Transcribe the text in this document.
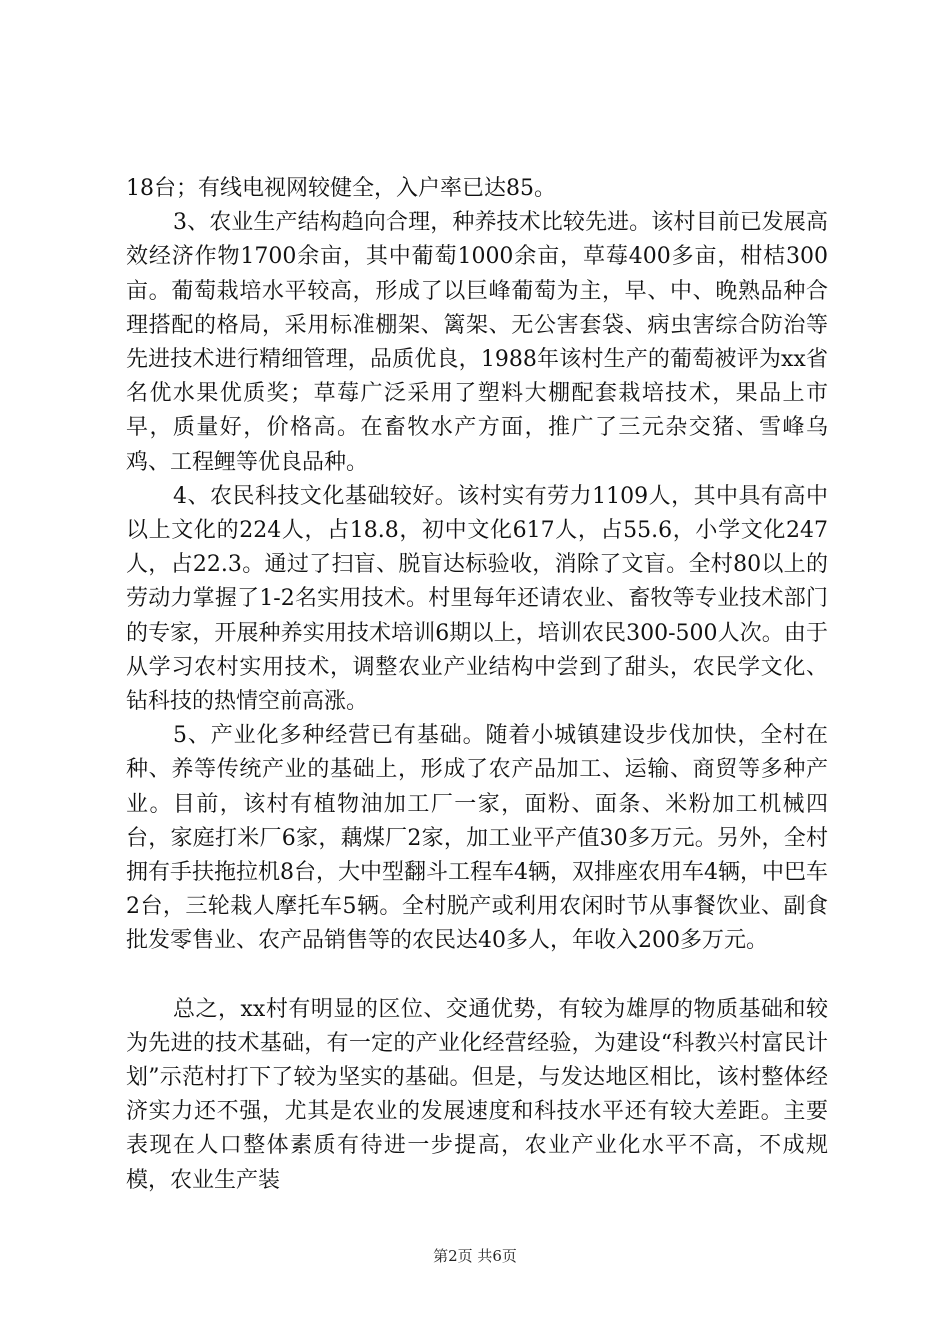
18台；有线电视网较健全，入户率已达85。

3、农业生产结构趋向合理，种养技术比较先进。该村目前已发展高效经济作物1700余亩，其中葡萄1000余亩，草莓400多亩，柑桔300亩。葡萄栽培水平较高，形成了以巨峰葡萄为主，早、中、晚熟品种合理搭配的格局，采用标准棚架、篱架、无公害套袋、病虫害综合防治等先进技术进行精细管理，品质优良，1988年该村生产的葡萄被评为xx省名优水果优质奖；草莓广泛采用了塑料大棚配套栽培技术，果品上市早，质量好，价格高。在畜牧水产方面，推广了三元杂交猪、雪峰乌鸡、工程鲤等优良品种。

4、农民科技文化基础较好。该村实有劳力1109人，其中具有高中以上文化的224人，占18.8，初中文化617人，占55.6，小学文化247人，占22.3。通过了扫盲、脱盲达标验收，消除了文盲。全村80以上的劳动力掌握了1-2名实用技术。村里每年还请农业、畜牧等专业技术部门的专家，开展种养实用技术培训6期以上，培训农民300-500人次。由于从学习农村实用技术，调整农业产业结构中尝到了甜头，农民学文化、钻科技的热情空前高涨。

5、产业化多种经营已有基础。随着小城镇建设步伐加快，全村在种、养等传统产业的基础上，形成了农产品加工、运输、商贸等多种产业。目前，该村有植物油加工厂一家，面粉、面条、米粉加工机械四台，家庭打米厂6家，藕煤厂2家，加工业平产值30多万元。另外，全村拥有手扶拖拉机8台，大中型翻斗工程车4辆，双排座农用车4辆，中巴车2台，三轮栽人摩托车5辆。全村脱产或利用农闲时节从事餐饮业、副食批发零售业、农产品销售等的农民达40多人，年收入200多万元。

总之，xx村有明显的区位、交通优势，有较为雄厚的物质基础和较为先进的技术基础，有一定的产业化经营经验，为建设“科教兴村富民计划”示范村打下了较为坚实的基础。但是，与发达地区相比，该村整体经济实力还不强，尤其是农业的发展速度和科技水平还有较大差距。主要表现在人口整体素质有待进一步提高，农业产业化水平不高，不成规模，农业生产装

第2页 共6页
